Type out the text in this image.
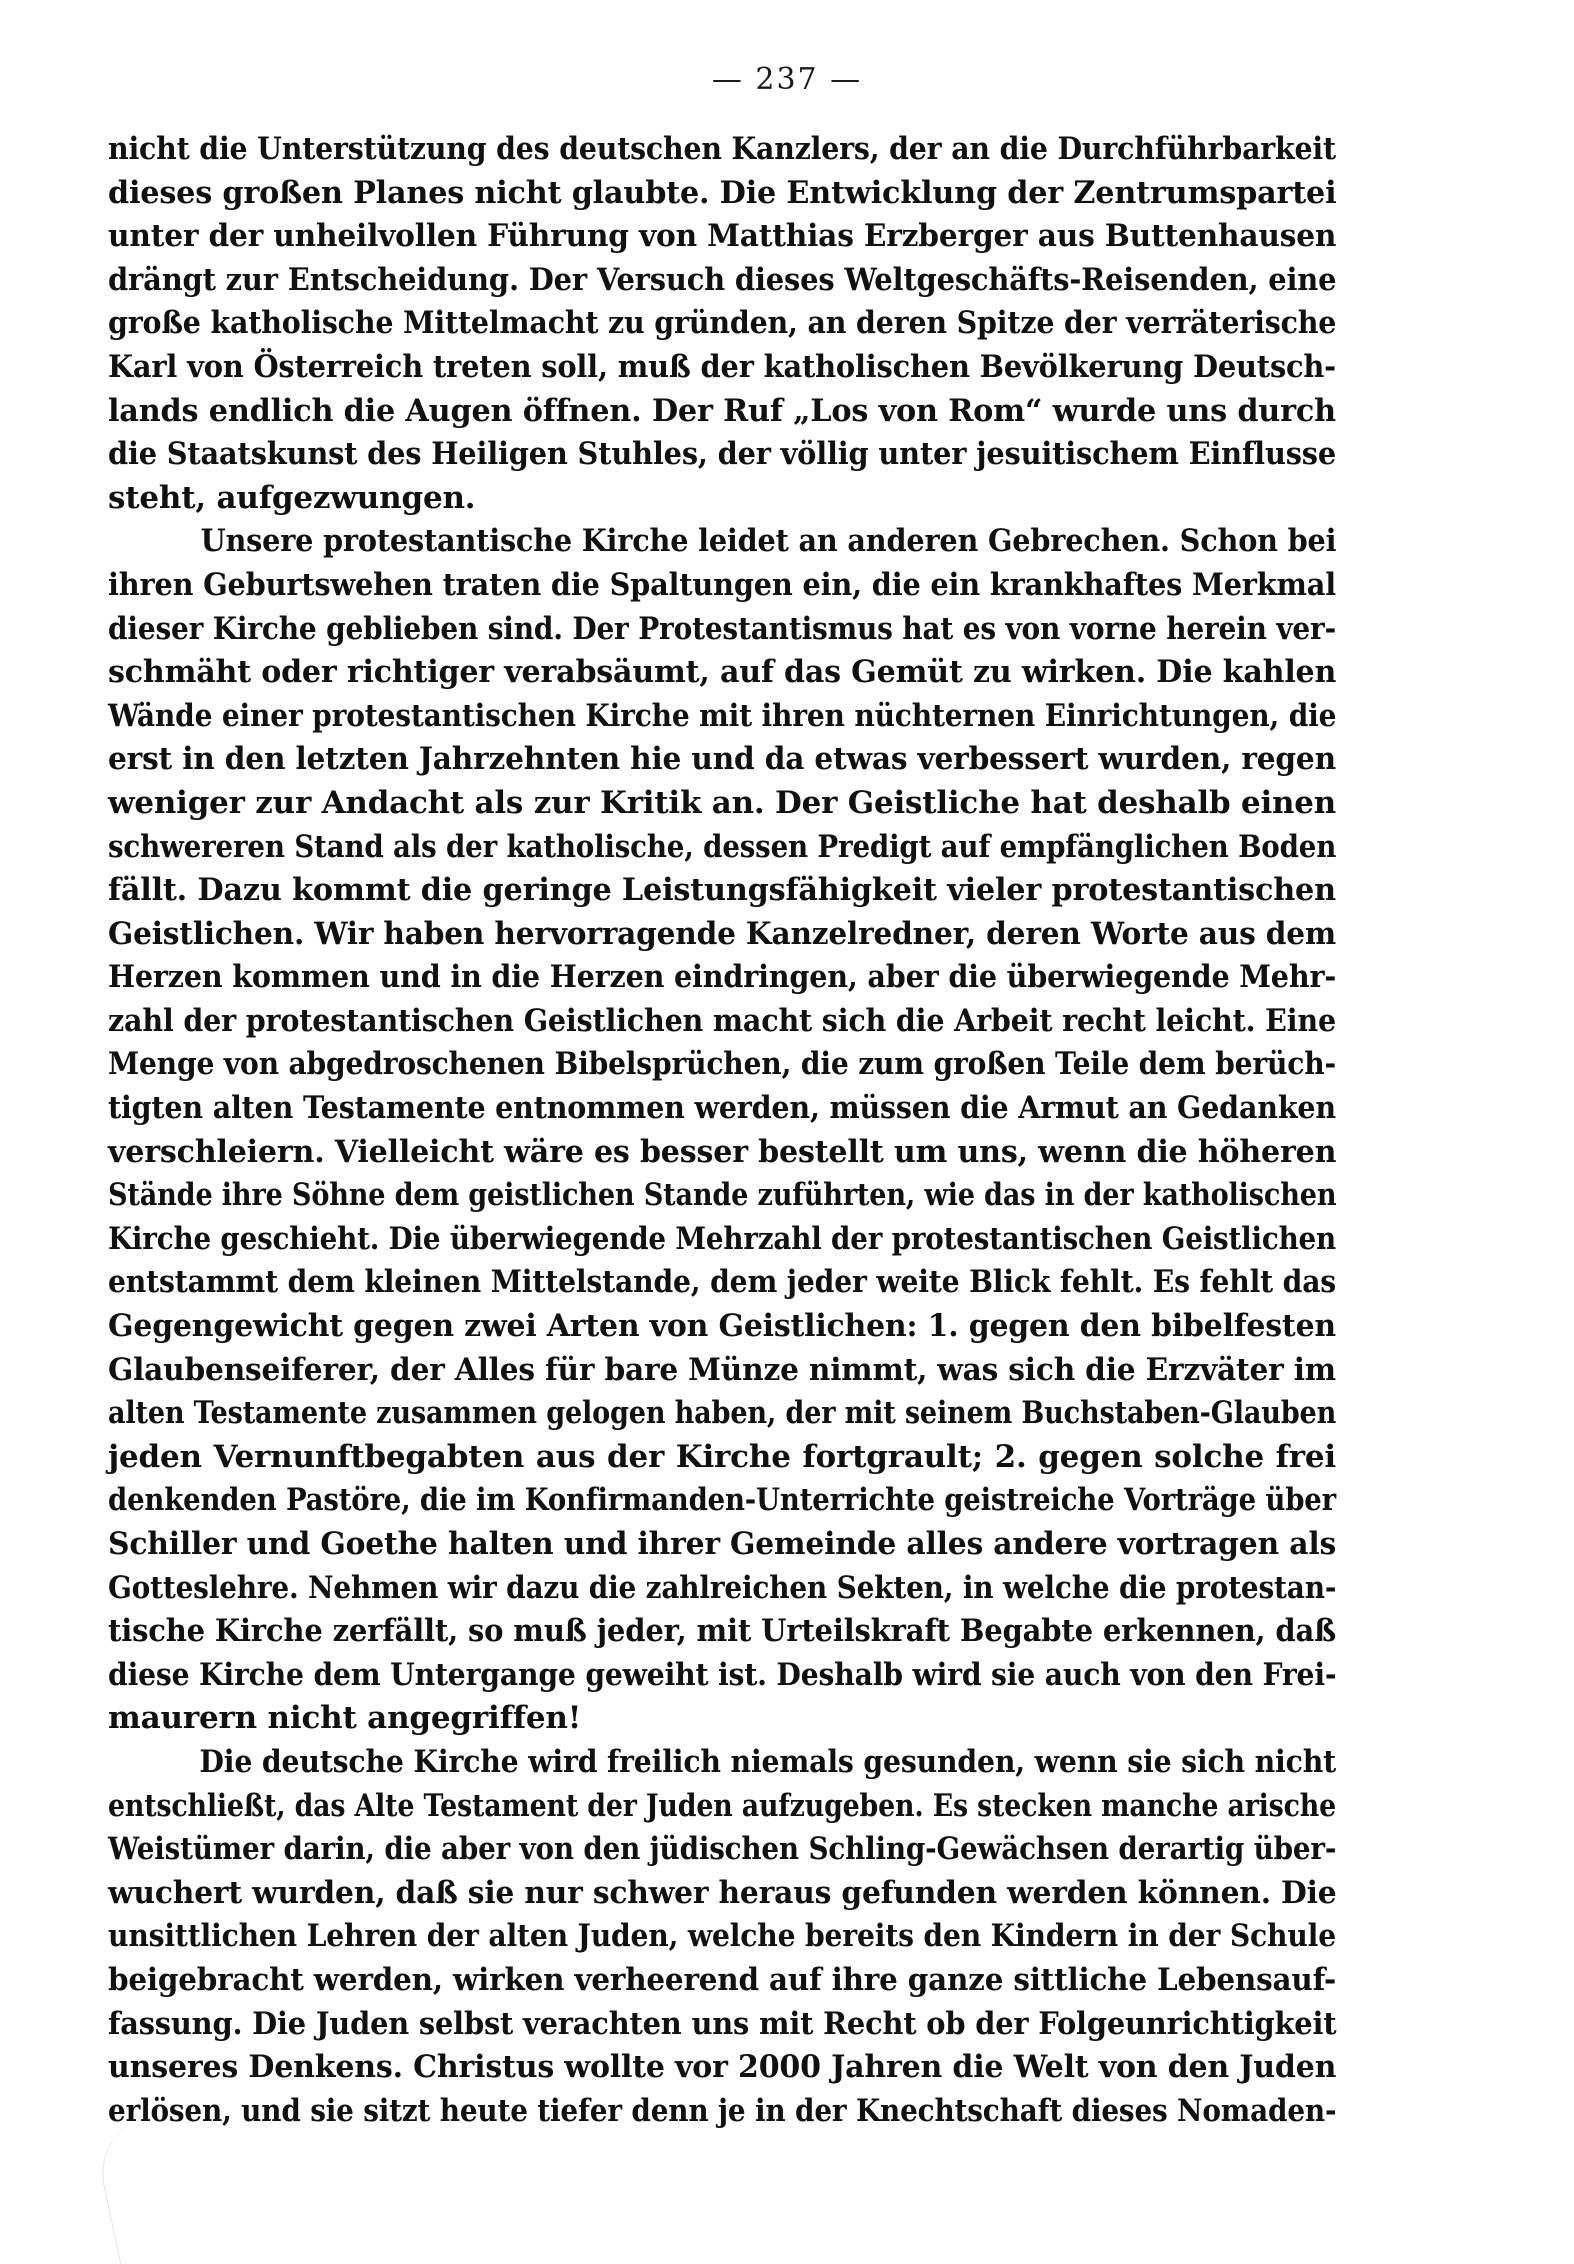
— 237 —
nicht die Unterstützung des deutschen Kanzlers, der an die Durchführbarkeit
dieses großen Planes nicht glaubte. Die Entwicklung der Zentrumspartei
unter der unheilvollen Führung von Matthias Erzberger aus Buttenhausen
drängt zur Entscheidung. Der Versuch dieses Weltgeschäfts-Reisenden, eine
große katholische Mittelmacht zu gründen, an deren Spitze der verräterische
Karl von Österreich treten soll, muß der katholischen Bevölkerung Deutsch-
lands endlich die Augen öffnen. Der Ruf „Los von Rom“ wurde uns durch
die Staatskunst des Heiligen Stuhles, der völlig unter jesuitischem Einflusse
steht, aufgezwungen.
Unsere protestantische Kirche leidet an anderen Gebrechen. Schon bei
ihren Geburtswehen traten die Spaltungen ein, die ein krankhaftes Merkmal
dieser Kirche geblieben sind. Der Protestantismus hat es von vorne herein ver-
schmäht oder richtiger verabsäumt, auf das Gemüt zu wirken. Die kahlen
Wände einer protestantischen Kirche mit ihren nüchternen Einrichtungen, die
erst in den letzten Jahrzehnten hie und da etwas verbessert wurden, regen
weniger zur Andacht als zur Kritik an. Der Geistliche hat deshalb einen
schwereren Stand als der katholische, dessen Predigt auf empfänglichen Boden
fällt. Dazu kommt die geringe Leistungsfähigkeit vieler protestantischen
Geistlichen. Wir haben hervorragende Kanzelredner, deren Worte aus dem
Herzen kommen und in die Herzen eindringen, aber die überwiegende Mehr-
zahl der protestantischen Geistlichen macht sich die Arbeit recht leicht. Eine
Menge von abgedroschenen Bibelsprüchen, die zum großen Teile dem berüch-
tigten alten Testamente entnommen werden, müssen die Armut an Gedanken
verschleiern. Vielleicht wäre es besser bestellt um uns, wenn die höheren
Stände ihre Söhne dem geistlichen Stande zuführten, wie das in der katholischen
Kirche geschieht. Die überwiegende Mehrzahl der protestantischen Geistlichen
entstammt dem kleinen Mittelstande, dem jeder weite Blick fehlt. Es fehlt das
Gegengewicht gegen zwei Arten von Geistlichen: 1. gegen den bibelfesten
Glaubenseiferer, der Alles für bare Münze nimmt, was sich die Erzväter im
alten Testamente zusammen gelogen haben, der mit seinem Buchstaben-Glauben
jeden Vernunftbegabten aus der Kirche fortgrault; 2. gegen solche frei
denkenden Pastöre, die im Konfirmanden-Unterrichte geistreiche Vorträge über
Schiller und Goethe halten und ihrer Gemeinde alles andere vortragen als
Gotteslehre. Nehmen wir dazu die zahlreichen Sekten, in welche die protestan-
tische Kirche zerfällt, so muß jeder, mit Urteilskraft Begabte erkennen, daß
diese Kirche dem Untergange geweiht ist. Deshalb wird sie auch von den Frei-
maurern nicht angegriffen!
Die deutsche Kirche wird freilich niemals gesunden, wenn sie sich nicht
entschließt, das Alte Testament der Juden aufzugeben. Es stecken manche arische
Weistümer darin, die aber von den jüdischen Schling-Gewächsen derartig über-
wuchert wurden, daß sie nur schwer heraus gefunden werden können. Die
unsittlichen Lehren der alten Juden, welche bereits den Kindern in der Schule
beigebracht werden, wirken verheerend auf ihre ganze sittliche Lebensauf-
fassung. Die Juden selbst verachten uns mit Recht ob der Folgeunrichtigkeit
unseres Denkens. Christus wollte vor 2000 Jahren die Welt von den Juden
erlösen, und sie sitzt heute tiefer denn je in der Knechtschaft dieses Nomaden-
